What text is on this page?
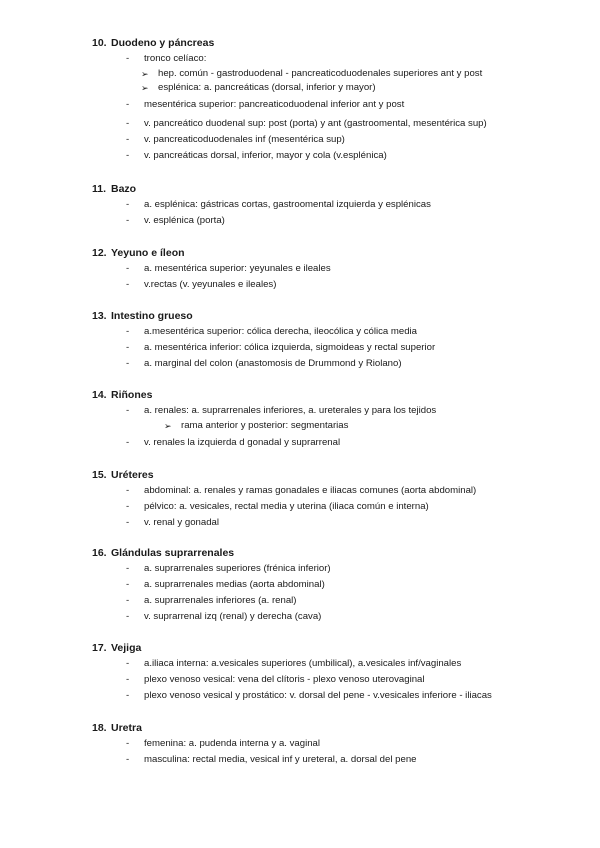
10. Duodeno y páncreas
- tronco celíaco:
➢ hep. común - gastroduodenal - pancreaticoduodenales superiores ant y post
➢ esplénica: a. pancreáticas (dorsal, inferior y mayor)
- mesentérica superior: pancreaticoduodenal inferior ant y post
- v. pancreático duodenal sup: post (porta) y ant (gastroomental, mesentérica sup)
- v. pancreaticoduodenales inf (mesentérica sup)
- v. pancreáticas dorsal, inferior, mayor y cola (v.esplénica)
11. Bazo
- a. esplénica: gástricas cortas, gastroomental izquierda y esplénicas
- v. esplénica (porta)
12. Yeyuno e íleon
- a. mesentérica superior: yeyunales e ileales
- v.rectas (v. yeyunales e ileales)
13. Intestino grueso
- a.mesentérica superior: cólica derecha, ileocólica y cólica media
- a. mesentérica inferior: cólica izquierda, sigmoideas y rectal superior
- a. marginal del colon (anastomosis de Drummond y Riolano)
14. Riñones
- a. renales: a. suprarrenales inferiores, a. ureterales y para los tejidos
➢ rama anterior y posterior: segmentarias
- v. renales la izquierda d gonadal y suprarrenal
15. Uréteres
- abdominal: a. renales y ramas gonadales e iliacas comunes (aorta abdominal)
- pélvico: a. vesicales, rectal media y uterina (iliaca común e interna)
- v. renal y gonadal
16. Glándulas suprarrenales
- a. suprarrenales superiores (frénica inferior)
- a. suprarrenales medias (aorta abdominal)
- a. suprarrenales inferiores (a. renal)
- v. suprarrenal izq (renal) y derecha (cava)
17. Vejiga
- a.iliaca interna: a.vesicales superiores (umbilical), a.vesicales inf/vaginales
- plexo venoso vesical: vena del clítoris - plexo venoso uterovaginal
- plexo venoso vesical y prostático: v. dorsal del pene - v.vesicales inferiore - iliacas
18. Uretra
- femenina: a. pudenda interna y a. vaginal
- masculina: rectal media, vesical inf y ureteral, a. dorsal del pene
